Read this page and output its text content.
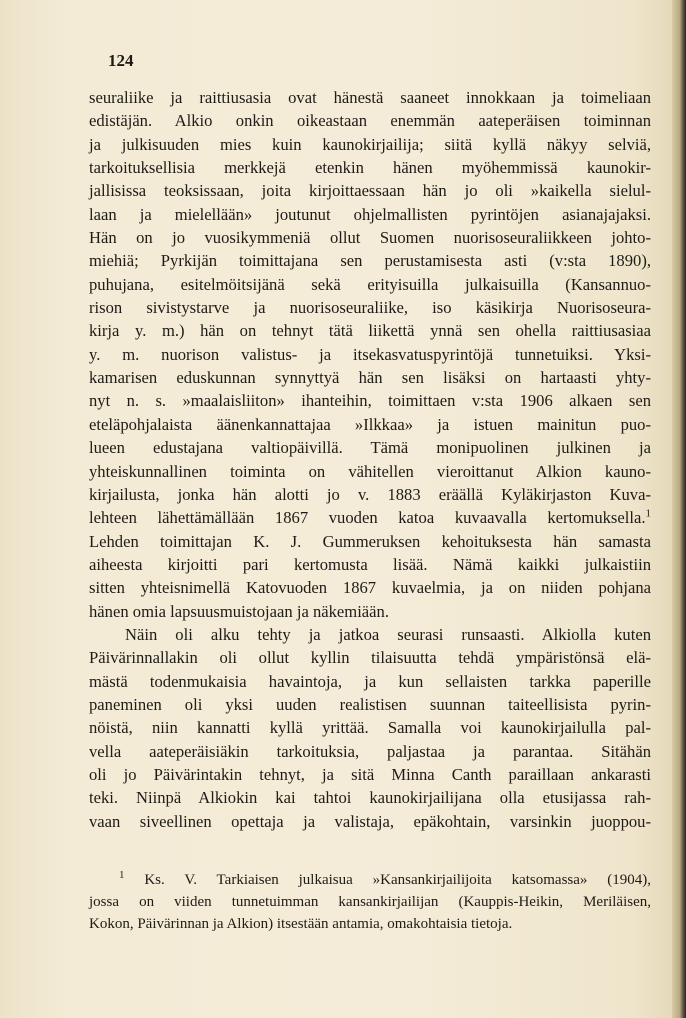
124
seuraliike ja raittiusasia ovat hänestä saaneet innokkaan ja toimeliaan
edistäjän. Alkio onkin oikeastaan enemmän aateperäisen toiminnan
ja julkisuuden mies kuin kaunokirjailija; siitä kyllä näkyy selviä,
tarkoituksellisia merkkejä etenkin hänen myöhemmissä kaunokir-
jallisissa teoksissaan, joita kirjoittaessaan hän jo oli »kaikella sielul-
laan ja mielellään» joutunut ohjelmallisten pyrintöjen asianajajaksi.
Hän on jo vuosikymmeniä ollut Suomen nuorisoseuraliikkeen johto-
miehiä; Pyrkijän toimittajana sen perustamisesta asti (v:sta 1890),
puhujana, esitelmöitsijänä sekä erityisuilla julkaisuilla (Kansannuo-
rison sivistystarve ja nuorisoseuraliike, iso käsikirja Nuorisoseura-
kirja y. m.) hän on tehnyt tätä liikettä ynnä sen ohella raittiusasiaa
y. m. nuorison valistus- ja itsekasvatuspyrintöjä tunnetuiksi. Yksi-
kamarisen eduskunnan synnyttyä hän sen lisäksi on hartaasti yhty-
nyt n. s. »maalaisliiton» ihanteihin, toimittaen v:sta 1906 alkaen sen
eteläpohjalaista äänenkannattajaa »Ilkkaa» ja istuen mainitun puo-
lueen edustajana valtiopäivillä. Tämä monipuolinen julkinen ja
yhteiskunnallinen toiminta on vähitellen vieroittanut Alkion kauno-
kirjailusta, jonka hän alotti jo v. 1883 eräällä Kyläkirjaston Kuva-
lehteen lähettämällään 1867 vuoden katoa kuvaavalla kertomuksella.$^1$
Lehden toimittajan K. J. Gummeruksen kehoituksesta hän samasta
aiheesta kirjoitti pari kertomusta lisää. Nämä kaikki julkaistiin
sitten yhteisnimellä Katovuoden 1867 kuvaelmia, ja on niiden pohjana
hänen omia lapsuusmuistojaan ja näkemiään.
Näin oli alku tehty ja jatkoa seurasi runsaasti. Alkiolla kuten
Päivärinnallakin oli ollut kyllin tilaisuutta tehdä ympäristönsä elä-
mästä todenmukaisia havaintoja, ja kun sellaisten tarkka paperille
paneminen oli yksi uuden realistisen suunnan taiteellisista pyrin-
nöistä, niin kannatti kyllä yrittää. Samalla voi kaunokirjailulla pal-
vella aateperäisiäkin tarkoituksia, paljastaa ja parantaa. Sitähän
oli jo Päivärintakin tehnyt, ja sitä Minna Canth paraillaan ankarasti
teki. Niinpä Alkiokin kai tahtoi kaunokirjailijana olla etusijassa rah-
vaan siveellinen opettaja ja valistaja, epäkohtain, varsinkin juoppou-
$^1$ Ks. V. Tarkiaisen julkaisua »Kansankirjailijoita katsomassa» (1904),
jossa on viiden tunnetuimman kansankirjailijan (Kauppis-Heikin, Meriläisen,
Kokon, Päivärinnan ja Alkion) itsestään antamia, omakohtaisia tietoja.
